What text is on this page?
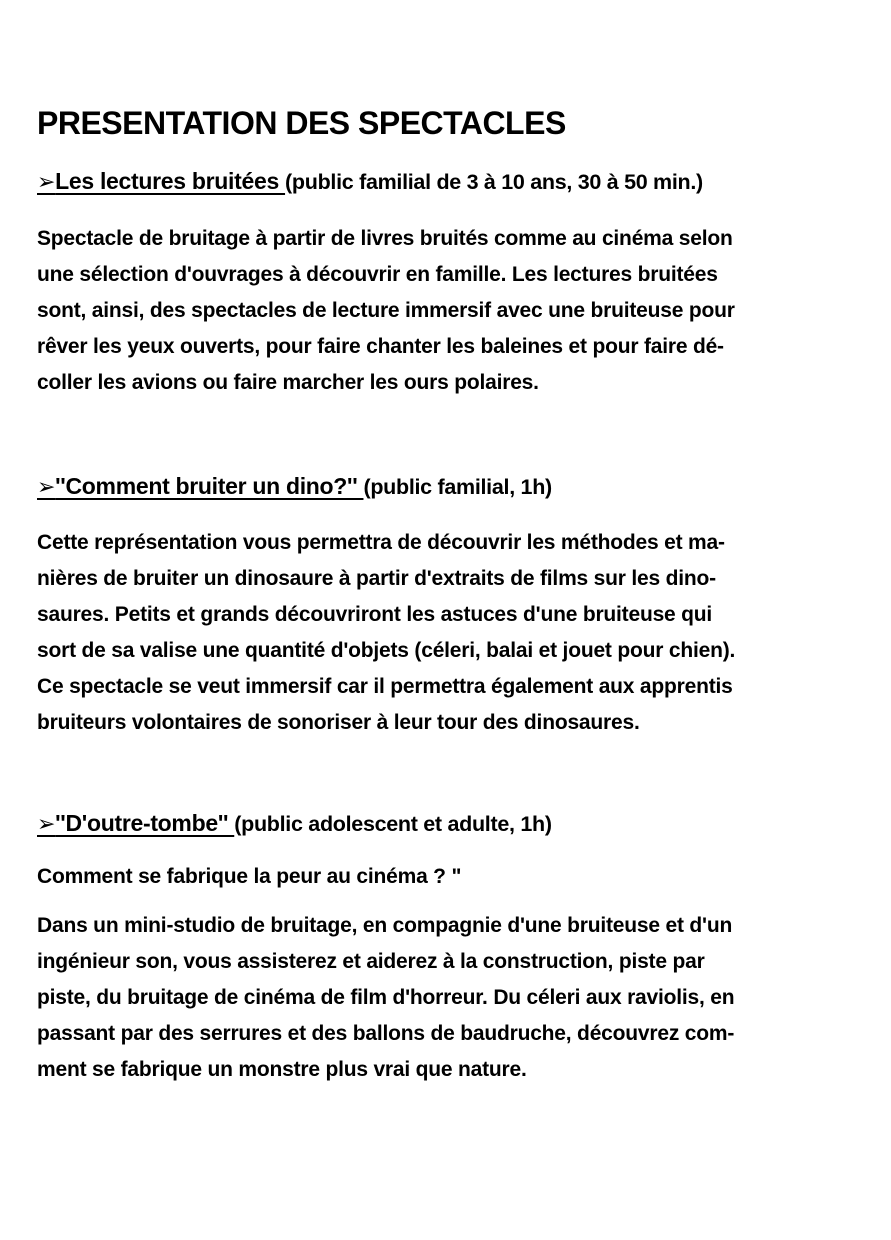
PRESENTATION DES SPECTACLES
➢Les lectures bruitées (public familial de 3 à 10 ans, 30 à 50 min.)
Spectacle de bruitage à partir de livres bruités comme au cinéma selon
une sélection d'ouvrages à découvrir en famille. Les lectures bruitées
sont, ainsi, des spectacles de lecture immersif avec une bruiteuse pour
rêver les yeux ouverts, pour faire chanter les baleines et pour faire dé-
coller les avions ou faire marcher les ours polaires.
➢''Comment bruiter un dino?'' (public familial, 1h)
Cette représentation vous permettra de découvrir les méthodes et ma-
nières de bruiter un dinosaure à partir d'extraits de films sur les dino-
saures. Petits et grands découvriront les astuces d'une bruiteuse qui
sort de sa valise une quantité d'objets (céleri, balai et jouet pour chien).
Ce spectacle se veut immersif car il permettra également aux apprentis
bruiteurs volontaires de sonoriser à leur tour des dinosaures.
➢''D'outre-tombe'' (public adolescent et adulte, 1h)
Comment se fabrique la peur au cinéma ? "
Dans un mini-studio de bruitage, en compagnie d'une bruiteuse et d'un
ingénieur son, vous assisterez et aiderez à la construction, piste par
piste, du bruitage de cinéma de film d'horreur. Du céleri aux raviolis, en
passant par des serrures et des ballons de baudruche, découvrez com-
ment se fabrique un monstre plus vrai que nature.
